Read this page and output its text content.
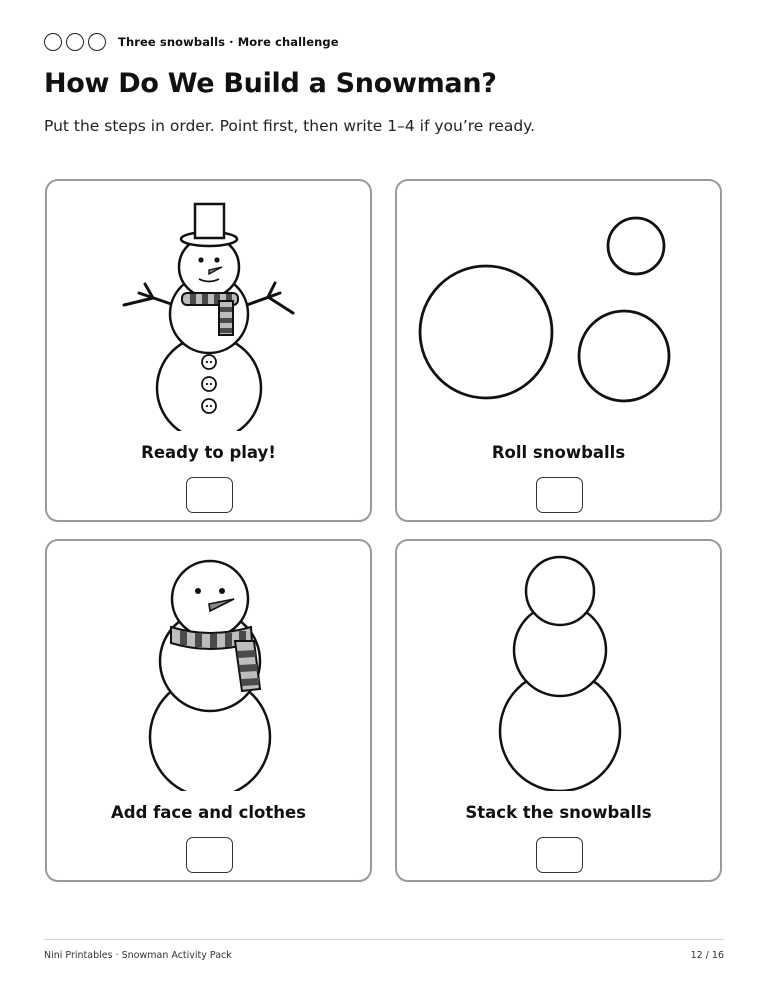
Three snowballs · More challenge
How Do We Build a Snowman?

Put the steps in order. Point first, then write 1–4 if you’re ready.

Ready to play!	Roll snowballs
Add face and clothes	Stack the snowballs
Nini Printables · Snowman Activity Pack	12 / 16
